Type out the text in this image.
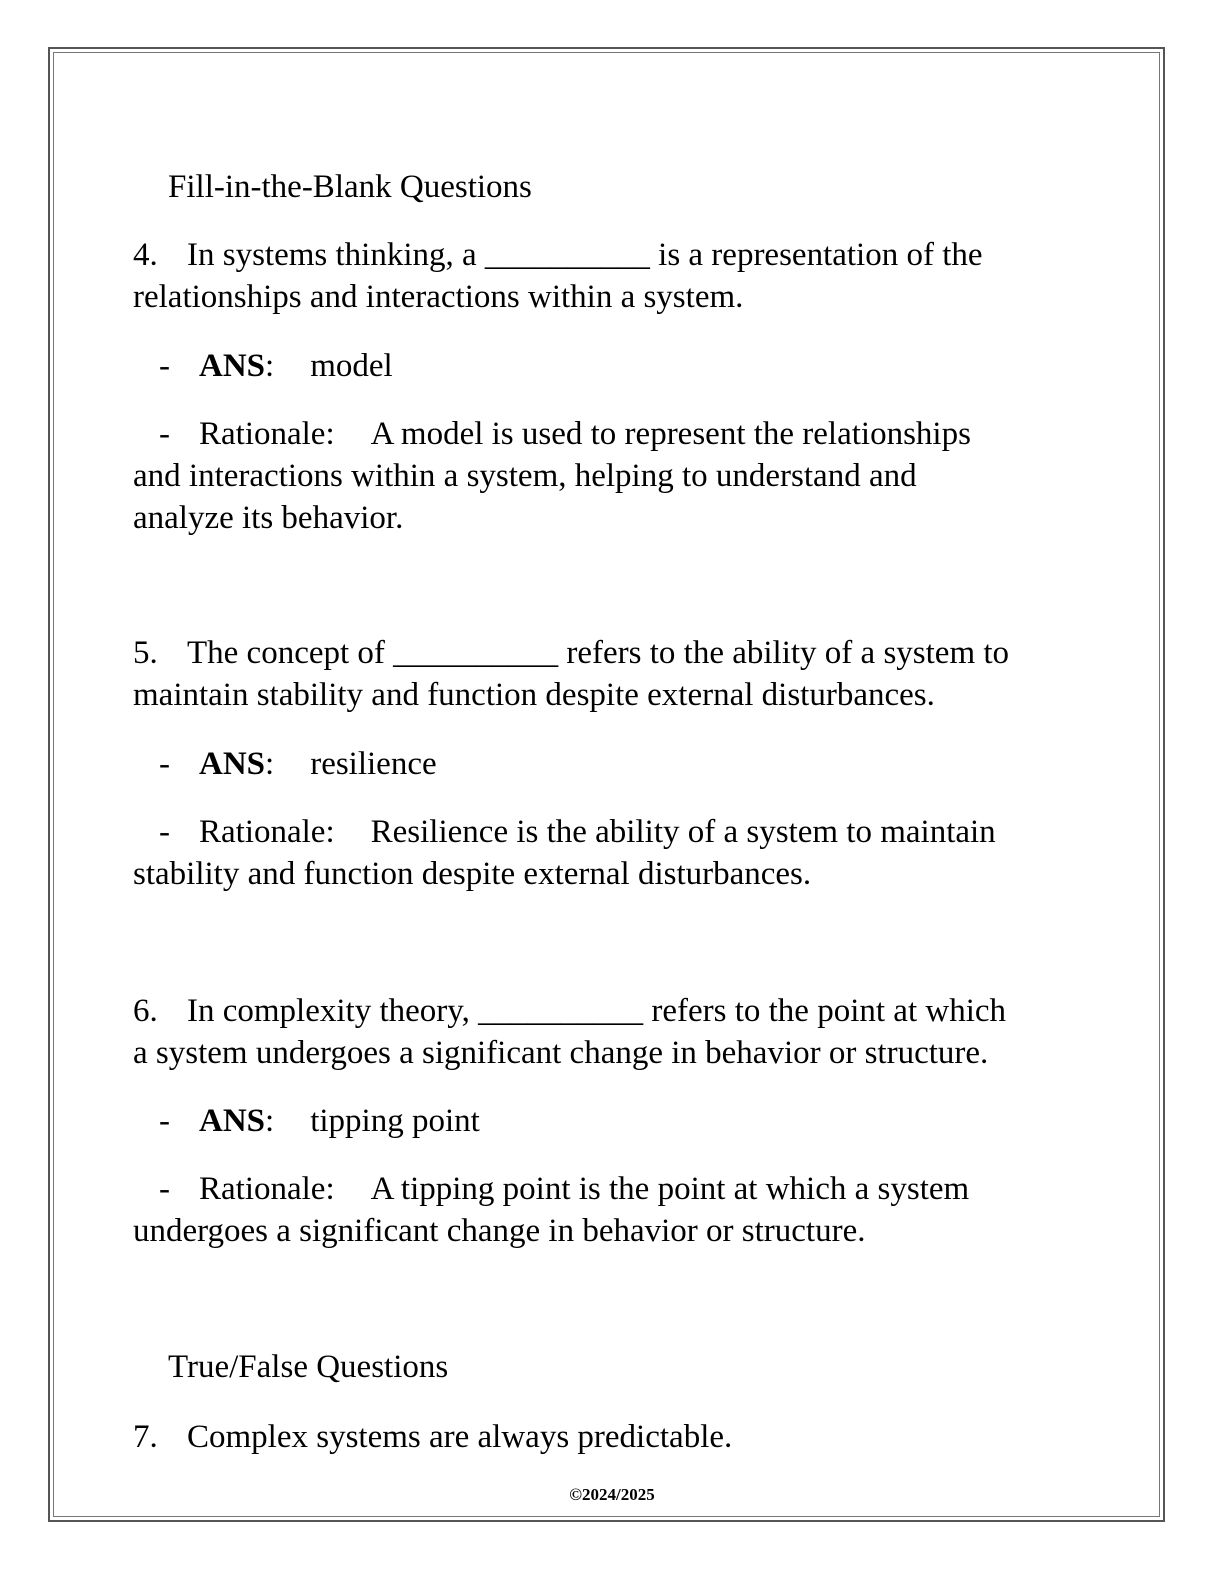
Fill-in-the-Blank Questions
4. In systems thinking, a __________ is a representation of the
relationships and interactions within a system.
- ANS: model
- Rationale: A model is used to represent the relationships
and interactions within a system, helping to understand and
analyze its behavior.
5. The concept of __________ refers to the ability of a system to
maintain stability and function despite external disturbances.
- ANS: resilience
- Rationale: Resilience is the ability of a system to maintain
stability and function despite external disturbances.
6. In complexity theory, __________ refers to the point at which
a system undergoes a significant change in behavior or structure.
- ANS: tipping point
- Rationale: A tipping point is the point at which a system
undergoes a significant change in behavior or structure.
True/False Questions
7. Complex systems are always predictable.
©2024/2025
